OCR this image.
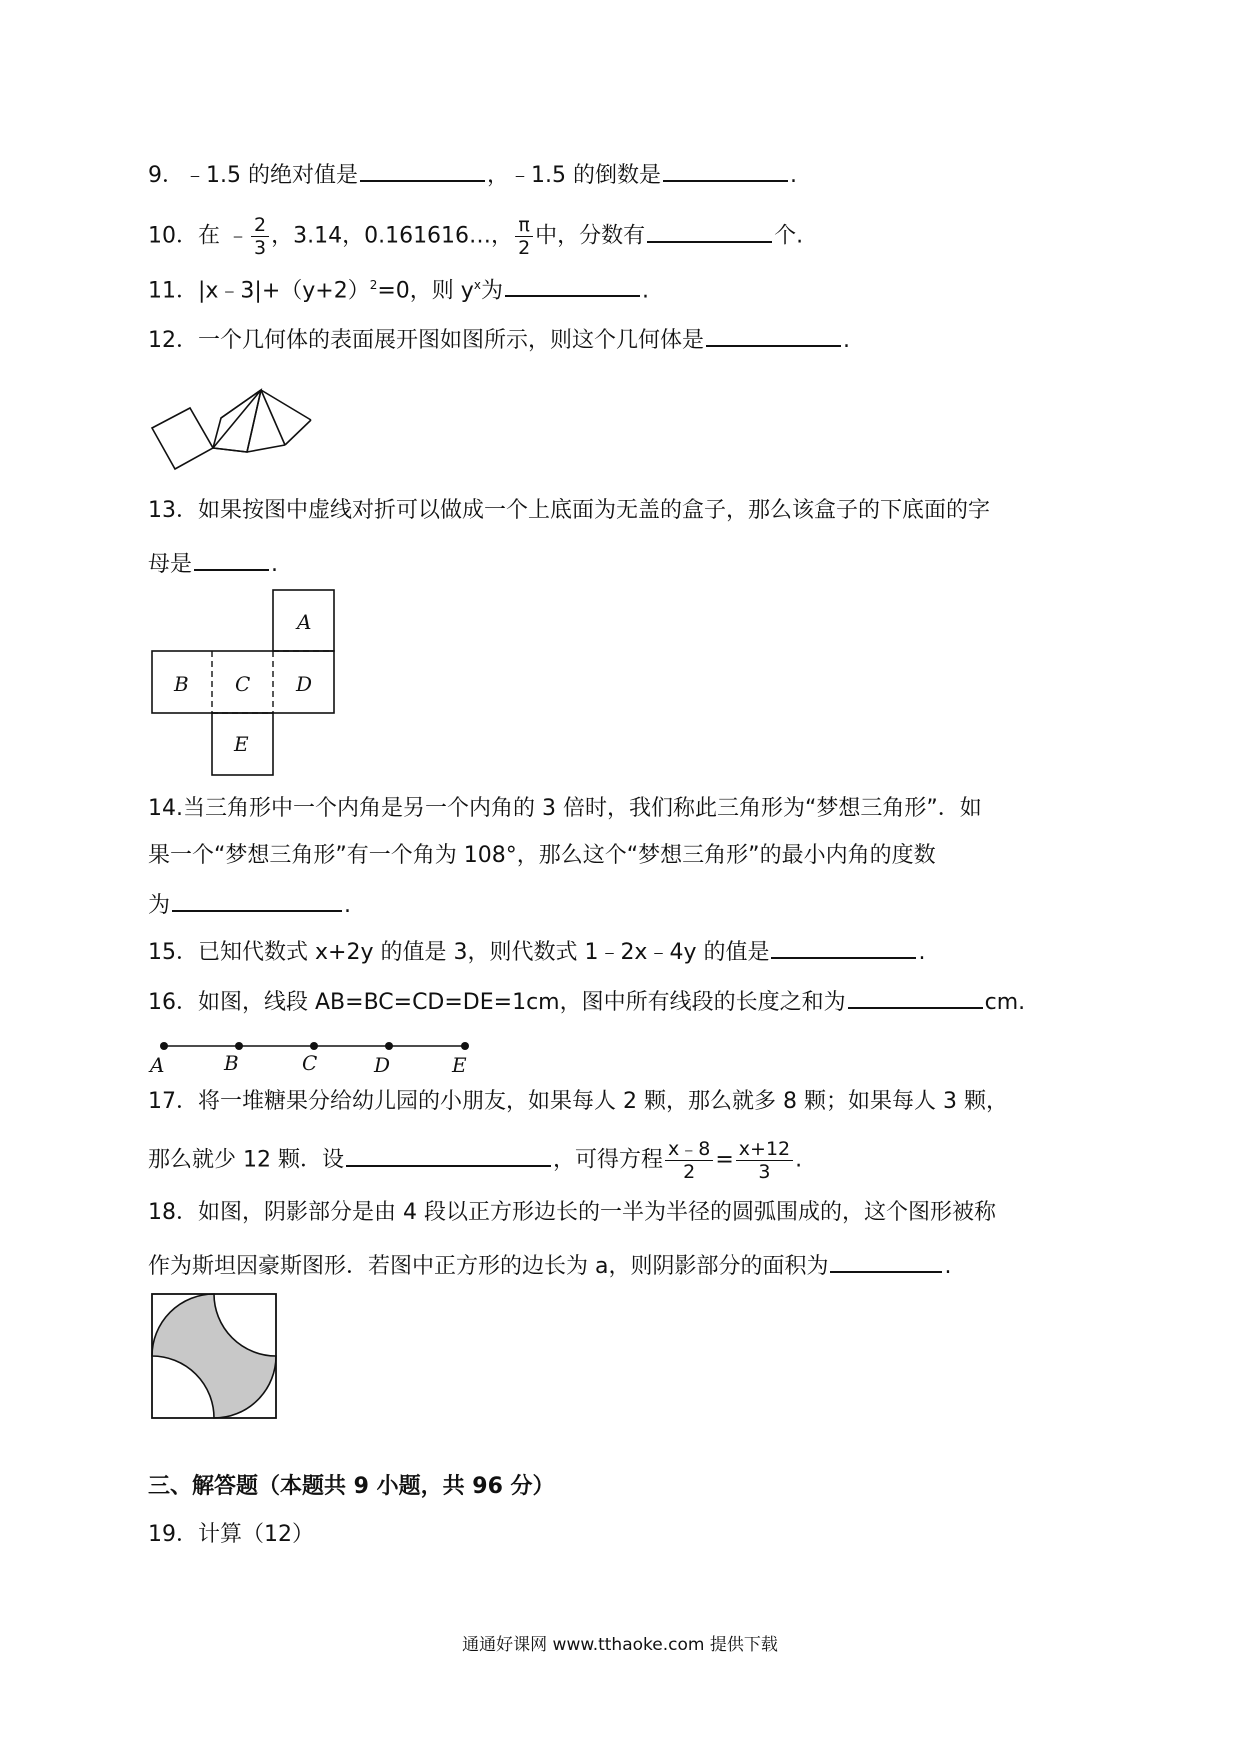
9．﹣1.5 的绝对值是	，﹣1.5 的倒数是	.
10．在 ﹣ $\frac{2}{3}$ ，3.14，0.161616…， $\frac{\pi}{2}$ 中，分数有	个.
11．$|x﹣3|+(y+2)^2=0$，则 $y^x$为	.
12．一个几何体的表面展开图如图所示，则这个几何体是	.
13．如果按图中虚线对折可以做成一个上底面为无盖的盒子，那么该盒子的下底面的字
母是	.
A
B C D
E
14.当三角形中一个内角是另一个内角的 3 倍时，我们称此三角形为“梦想三角形”．如
果一个“梦想三角形”有一个角为 108°，那么这个“梦想三角形”的最小内角的度数
为	.
15．已知代数式 x+2y 的值是 3，则代数式 1﹣2x﹣4y 的值是	.
16．如图，线段 AB=BC=CD=DE=1cm，图中所有线段的长度之和为	cm.
A	B	C	D	E
17．将一堆糖果分给幼儿园的小朋友，如果每人 2 颗，那么就多 8 颗；如果每人 3 颗，
那么就少 12 颗．设	，可得方程 $\frac{x﹣8}{2} = \frac{x+12}{3}$ .
18．如图，阴影部分是由 4 段以正方形边长的一半为半径的圆弧围成的，这个图形被称
作为斯坦因豪斯图形．若图中正方形的边长为 a，则阴影部分的面积为	.
三、解答题（本题共 9 小题，共 96 分）
19．计算（12）
通通好课网 www.tthaoke.com 提供下载
